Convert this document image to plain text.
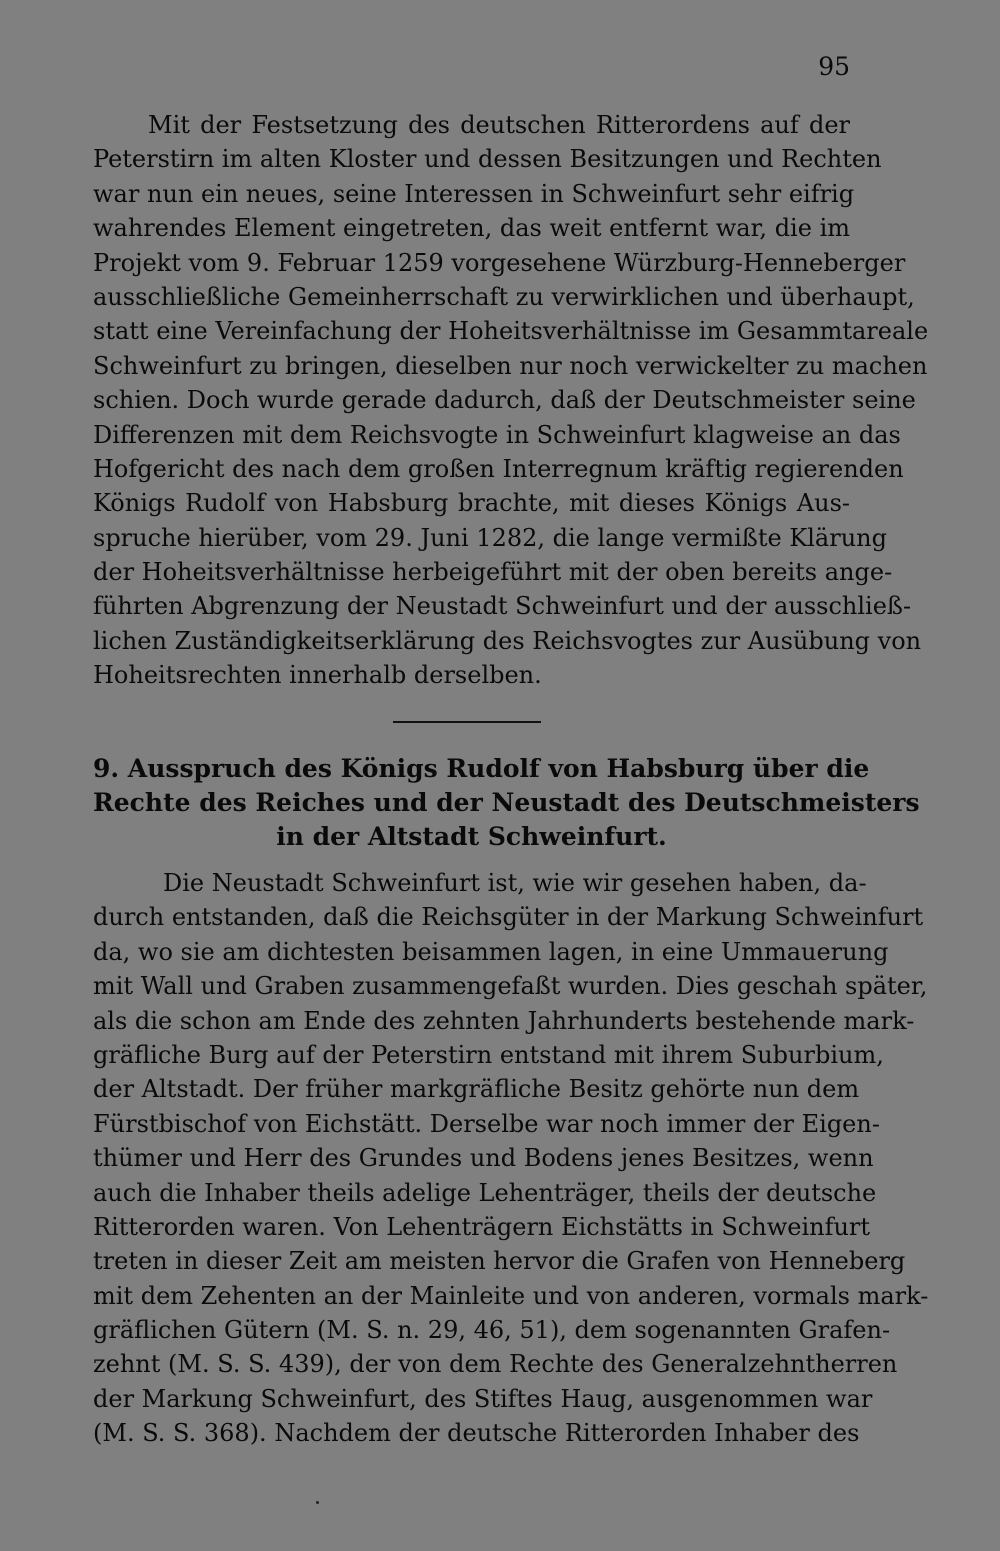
95
Mit der Festsetzung des deutschen Ritterordens auf der
Peterstirn im alten Kloster und dessen Besitzungen und Rechten
war nun ein neues, seine Interessen in Schweinfurt sehr eifrig
wahrendes Element eingetreten, das weit entfernt war, die im
Projekt vom 9. Februar 1259 vorgesehene Würzburg-Henneberger
ausschließliche Gemeinherrschaft zu verwirklichen und überhaupt,
statt eine Vereinfachung der Hoheitsverhältnisse im Gesammtareale
Schweinfurt zu bringen, dieselben nur noch verwickelter zu machen
schien. Doch wurde gerade dadurch, daß der Deutschmeister seine
Differenzen mit dem Reichsvogte in Schweinfurt klagweise an das
Hofgericht des nach dem großen Interregnum kräftig regierenden
Königs Rudolf von Habsburg brachte, mit dieses Königs Aus-
spruche hierüber, vom 29. Juni 1282, die lange vermißte Klärung
der Hoheitsverhältnisse herbeigeführt mit der oben bereits ange-
führten Abgrenzung der Neustadt Schweinfurt und der ausschließ-
lichen Zuständigkeitserklärung des Reichsvogtes zur Ausübung von
Hoheitsrechten innerhalb derselben.
9. Ausspruch des Königs Rudolf von Habsburg über die
Rechte des Reiches und der Neustadt des Deutschmeisters
in der Altstadt Schweinfurt.
Die Neustadt Schweinfurt ist, wie wir gesehen haben, da-
durch entstanden, daß die Reichsgüter in der Markung Schweinfurt
da, wo sie am dichtesten beisammen lagen, in eine Ummauerung
mit Wall und Graben zusammengefaßt wurden. Dies geschah später,
als die schon am Ende des zehnten Jahrhunderts bestehende mark-
gräfliche Burg auf der Peterstirn entstand mit ihrem Suburbium,
der Altstadt. Der früher markgräfliche Besitz gehörte nun dem
Fürstbischof von Eichstätt. Derselbe war noch immer der Eigen-
thümer und Herr des Grundes und Bodens jenes Besitzes, wenn
auch die Inhaber theils adelige Lehenträger, theils der deutsche
Ritterorden waren. Von Lehenträgern Eichstätts in Schweinfurt
treten in dieser Zeit am meisten hervor die Grafen von Henneberg
mit dem Zehenten an der Mainleite und von anderen, vormals mark-
gräflichen Gütern (M. S. n. 29, 46, 51), dem sogenannten Grafen-
zehnt (M. S. S. 439), der von dem Rechte des Generalzehntherren
der Markung Schweinfurt, des Stiftes Haug, ausgenommen war
(M. S. S. 368). Nachdem der deutsche Ritterorden Inhaber des
